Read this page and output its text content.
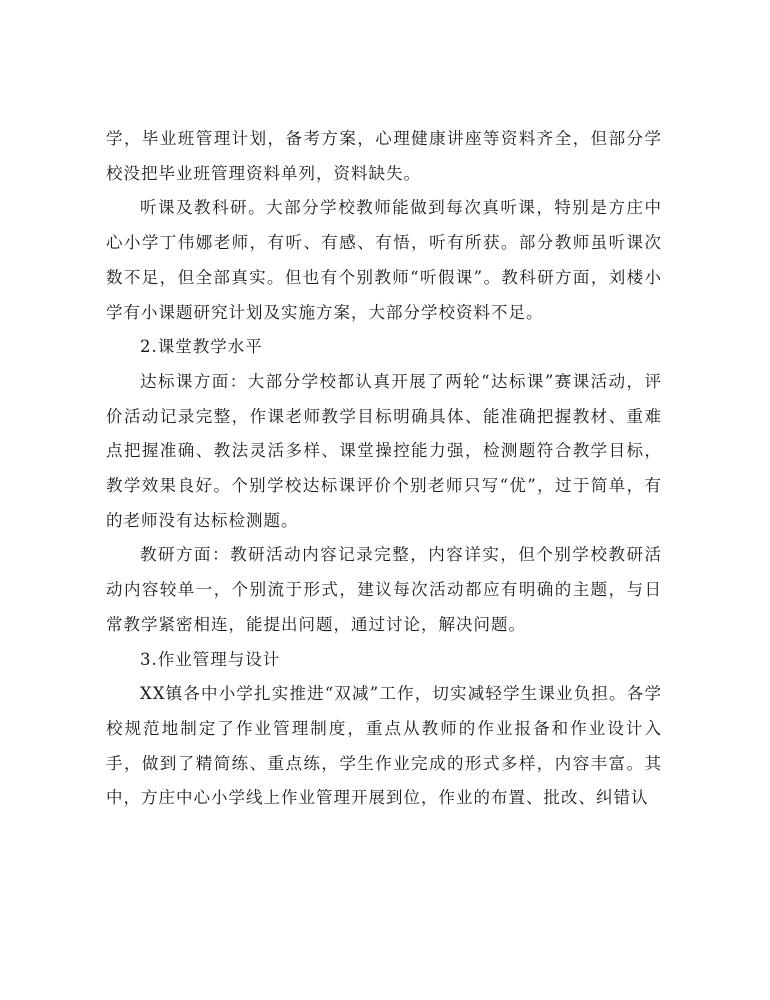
学，毕业班管理计划，备考方案，心理健康讲座等资料齐全，但部分学校没把毕业班管理资料单列，资料缺失。

听课及教科研。大部分学校教师能做到每次真听课，特别是方庄中心小学丁伟娜老师，有听、有感、有悟，听有所获。部分教师虽听课次数不足，但全部真实。但也有个别教师“听假课”。教科研方面，刘楼小学有小课题研究计划及实施方案，大部分学校资料不足。

2.课堂教学水平

达标课方面：大部分学校都认真开展了两轮“达标课”赛课活动，评价活动记录完整，作课老师教学目标明确具体、能准确把握教材、重难点把握准确、教法灵活多样、课堂操控能力强，检测题符合教学目标，教学效果良好。个别学校达标课评价个别老师只写“优”，过于简单，有的老师没有达标检测题。

教研方面：教研活动内容记录完整，内容详实，但个别学校教研活动内容较单一，个别流于形式，建议每次活动都应有明确的主题，与日常教学紧密相连，能提出问题，通过讨论，解决问题。

3.作业管理与设计

XX镇各中小学扎实推进“双减”工作，切实减轻学生课业负担。各学校规范地制定了作业管理制度，重点从教师的作业报备和作业设计入手，做到了精简练、重点练，学生作业完成的形式多样，内容丰富。其中，方庄中心小学线上作业管理开展到位，作业的布置、批改、纠错认
